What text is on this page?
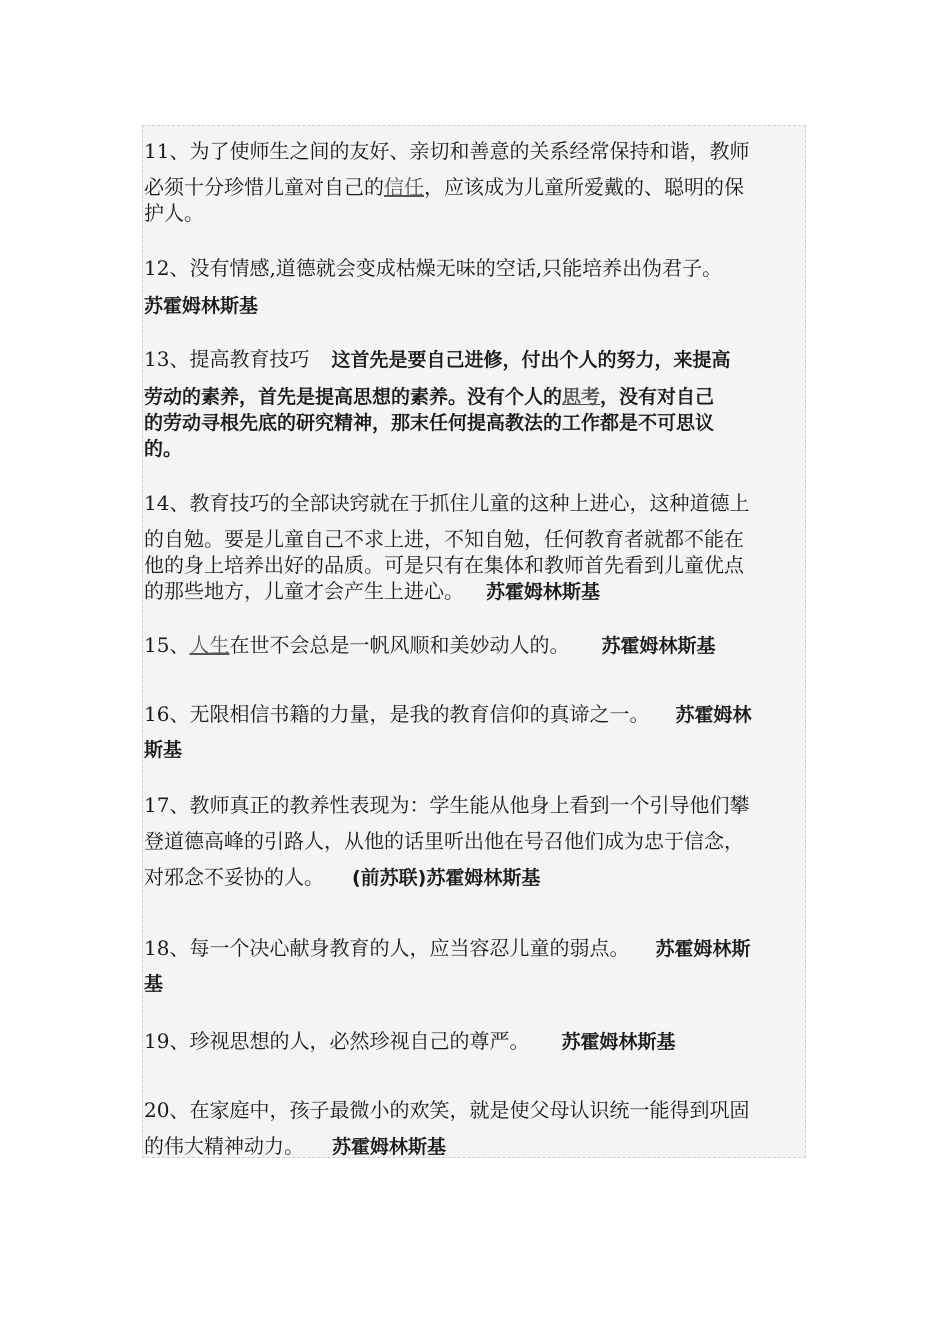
11、为了使师生之间的友好、亲切和善意的关系经常保持和谐，教师
必须十分珍惜儿童对自己的信任，应该成为儿童所爱戴的、聪明的保
护人。
12、没有情感,道德就会变成枯燥无味的空话,只能培养出伪君子。
苏霍姆林斯基
13、提高教育技巧 这首先是要自己进修，付出个人的努力，来提高
劳动的素养，首先是提高思想的素养。没有个人的思考，没有对自己
的劳动寻根先底的研究精神，那末任何提高教法的工作都是不可思议
的。
14、教育技巧的全部诀窍就在于抓住儿童的这种上进心，这种道德上
的自勉。要是儿童自己不求上进，不知自勉，任何教育者就都不能在
他的身上培养出好的品质。可是只有在集体和教师首先看到儿童优点
的那些地方，儿童才会产生上进心。 苏霍姆林斯基
15、人生在世不会总是一帆风顺和美妙动人的。 苏霍姆林斯基
16、无限相信书籍的力量，是我的教育信仰的真谛之一。 苏霍姆林
斯基
17、教师真正的教养性表现为：学生能从他身上看到一个引导他们攀
登道德高峰的引路人，从他的话里听出他在号召他们成为忠于信念，
对邪念不妥协的人。 (前苏联)苏霍姆林斯基
18、每一个决心献身教育的人，应当容忍儿童的弱点。 苏霍姆林斯
基
19、珍视思想的人，必然珍视自己的尊严。 苏霍姆林斯基
20、在家庭中，孩子最微小的欢笑，就是使父母认识统一能得到巩固
的伟大精神动力。 苏霍姆林斯基
